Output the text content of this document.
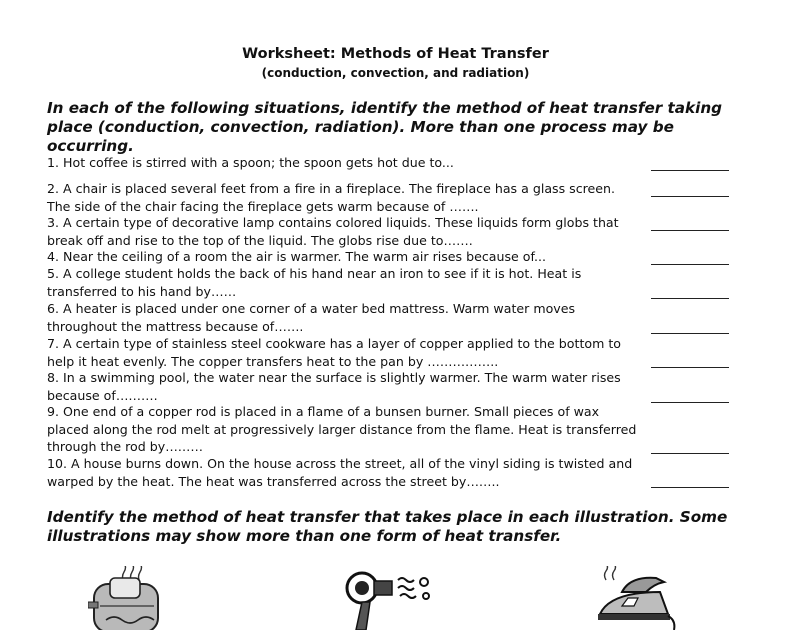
Worksheet: Methods of Heat Transfer
(conduction, convection, and radiation)
In each of the following situations, identify the method of heat transfer taking place (conduction, convection, radiation). More than one process may be occurring.
1. Hot coffee is stirred with a spoon; the spoon gets hot due to...
2. A chair is placed several feet from a fire in a fireplace. The fireplace has a glass screen. The side of the chair facing the fireplace gets warm because of …….
3. A certain type of decorative lamp contains colored liquids. These liquids form globs that break off and rise to the top of the liquid. The globs rise due to…….
4. Near the ceiling of a room the air is warmer. The warm air rises because of...
5. A college student holds the back of his hand near an iron to see if it is hot. Heat is transferred to his hand by……
6. A heater is placed under one corner of a water bed mattress. Warm water moves throughout the mattress because of…….
7. A certain type of stainless steel cookware has a layer of copper applied to the bottom to help it heat evenly. The copper transfers heat to the pan by ……………..
8. In a swimming pool, the water near the surface is slightly warmer. The warm water rises because of……….
9. One end of a copper rod is placed in a flame of a bunsen burner. Small pieces of wax placed along the rod melt at progressively larger distance from the flame. Heat is transferred through the rod by………
10. A house burns down. On the house across the street, all of the vinyl siding is twisted and warped by the heat. The heat was transferred across the street by……..
Identify the method of heat transfer that takes place in each illustration. Some illustrations may show more than one form of heat transfer.
